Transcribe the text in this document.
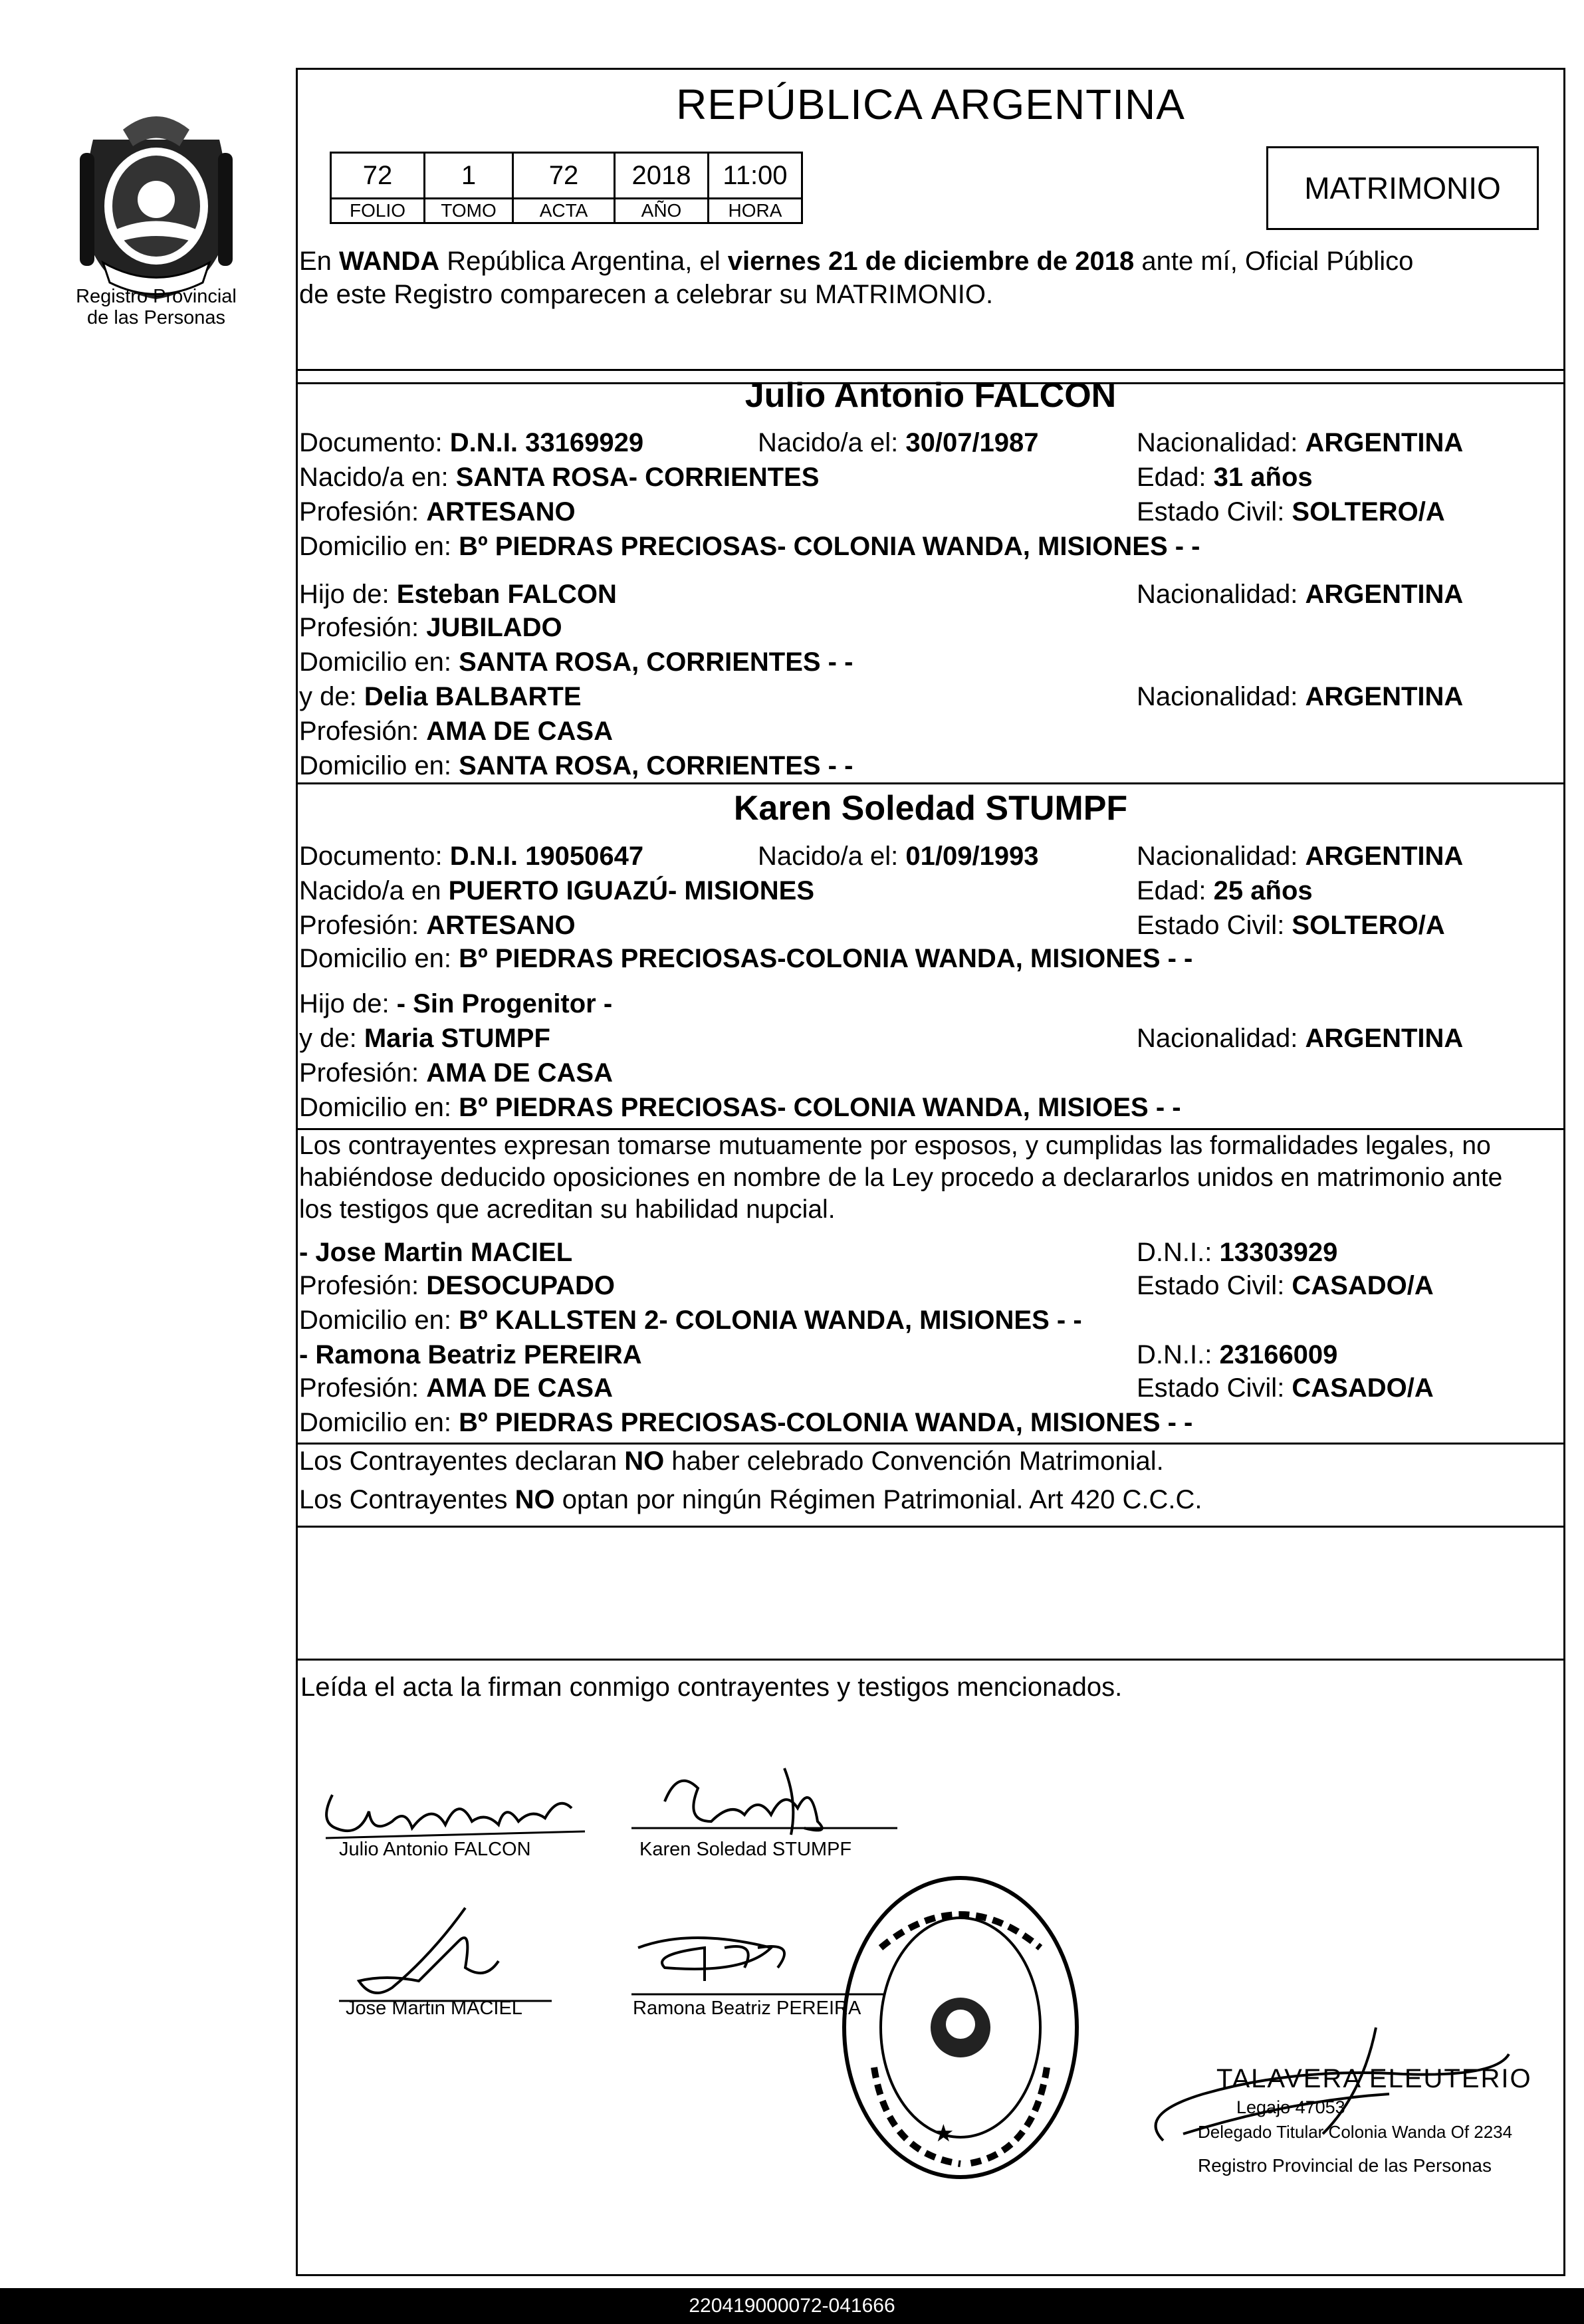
Registro Provincial
de las Personas
REPÚBLICA ARGENTINA
72	1	72	2018	11:00
FOLIO	TOMO	ACTA	AÑO	HORA
MATRIMONIO
En WANDA República Argentina, el viernes 21 de diciembre de 2018 ante mí, Oficial Público
de este Registro comparecen a celebrar su MATRIMONIO.
Julio Antonio FALCON
Documento: D.N.I. 33169929	Nacido/a el: 30/07/1987	Nacionalidad: ARGENTINA
Nacido/a en: SANTA ROSA- CORRIENTES	Edad: 31 años
Profesión: ARTESANO	Estado Civil: SOLTERO/A
Domicilio en: Bº PIEDRAS PRECIOSAS- COLONIA WANDA, MISIONES - -
Hijo de: Esteban FALCON	Nacionalidad: ARGENTINA
Profesión: JUBILADO
Domicilio en: SANTA ROSA, CORRIENTES - -
y de: Delia BALBARTE	Nacionalidad: ARGENTINA
Profesión: AMA DE CASA
Domicilio en: SANTA ROSA, CORRIENTES - -
Karen Soledad STUMPF
Documento: D.N.I. 19050647	Nacido/a el: 01/09/1993	Nacionalidad: ARGENTINA
Nacido/a en PUERTO IGUAZÚ- MISIONES	Edad: 25 años
Profesión: ARTESANO	Estado Civil: SOLTERO/A
Domicilio en: Bº PIEDRAS PRECIOSAS-COLONIA WANDA, MISIONES - -
Hijo de: - Sin Progenitor -
y de: Maria STUMPF	Nacionalidad: ARGENTINA
Profesión: AMA DE CASA
Domicilio en: Bº PIEDRAS PRECIOSAS- COLONIA WANDA, MISIOES - -
Los contrayentes expresan tomarse mutuamente por esposos, y cumplidas las formalidades legales, no
habiéndose deducido oposiciones en nombre de la Ley procedo a declararlos unidos en matrimonio ante
los testigos que acreditan su habilidad nupcial.
- Jose Martin MACIEL	D.N.I.: 13303929
Profesión: DESOCUPADO	Estado Civil: CASADO/A
Domicilio en: Bº KALLSTEN 2- COLONIA WANDA, MISIONES - -
- Ramona Beatriz PEREIRA	D.N.I.: 23166009
Profesión: AMA DE CASA	Estado Civil: CASADO/A
Domicilio en: Bº PIEDRAS PRECIOSAS-COLONIA WANDA, MISIONES - -
Los Contrayentes declaran NO haber celebrado Convención Matrimonial.
Los Contrayentes NO optan por ningún Régimen Patrimonial. Art 420 C.C.C.
Leída el acta la firman conmigo contrayentes y testigos mencionados.
Julio Antonio FALCON	Karen Soledad STUMPF
Jose Martin MACIEL	Ramona Beatriz PEREIRA
★
TALAVERA ELEUTERIO
Legajo 47053
Delegado Titular Colonia Wanda Of 2234
Registro Provincial de las Personas
220419000072-041666
